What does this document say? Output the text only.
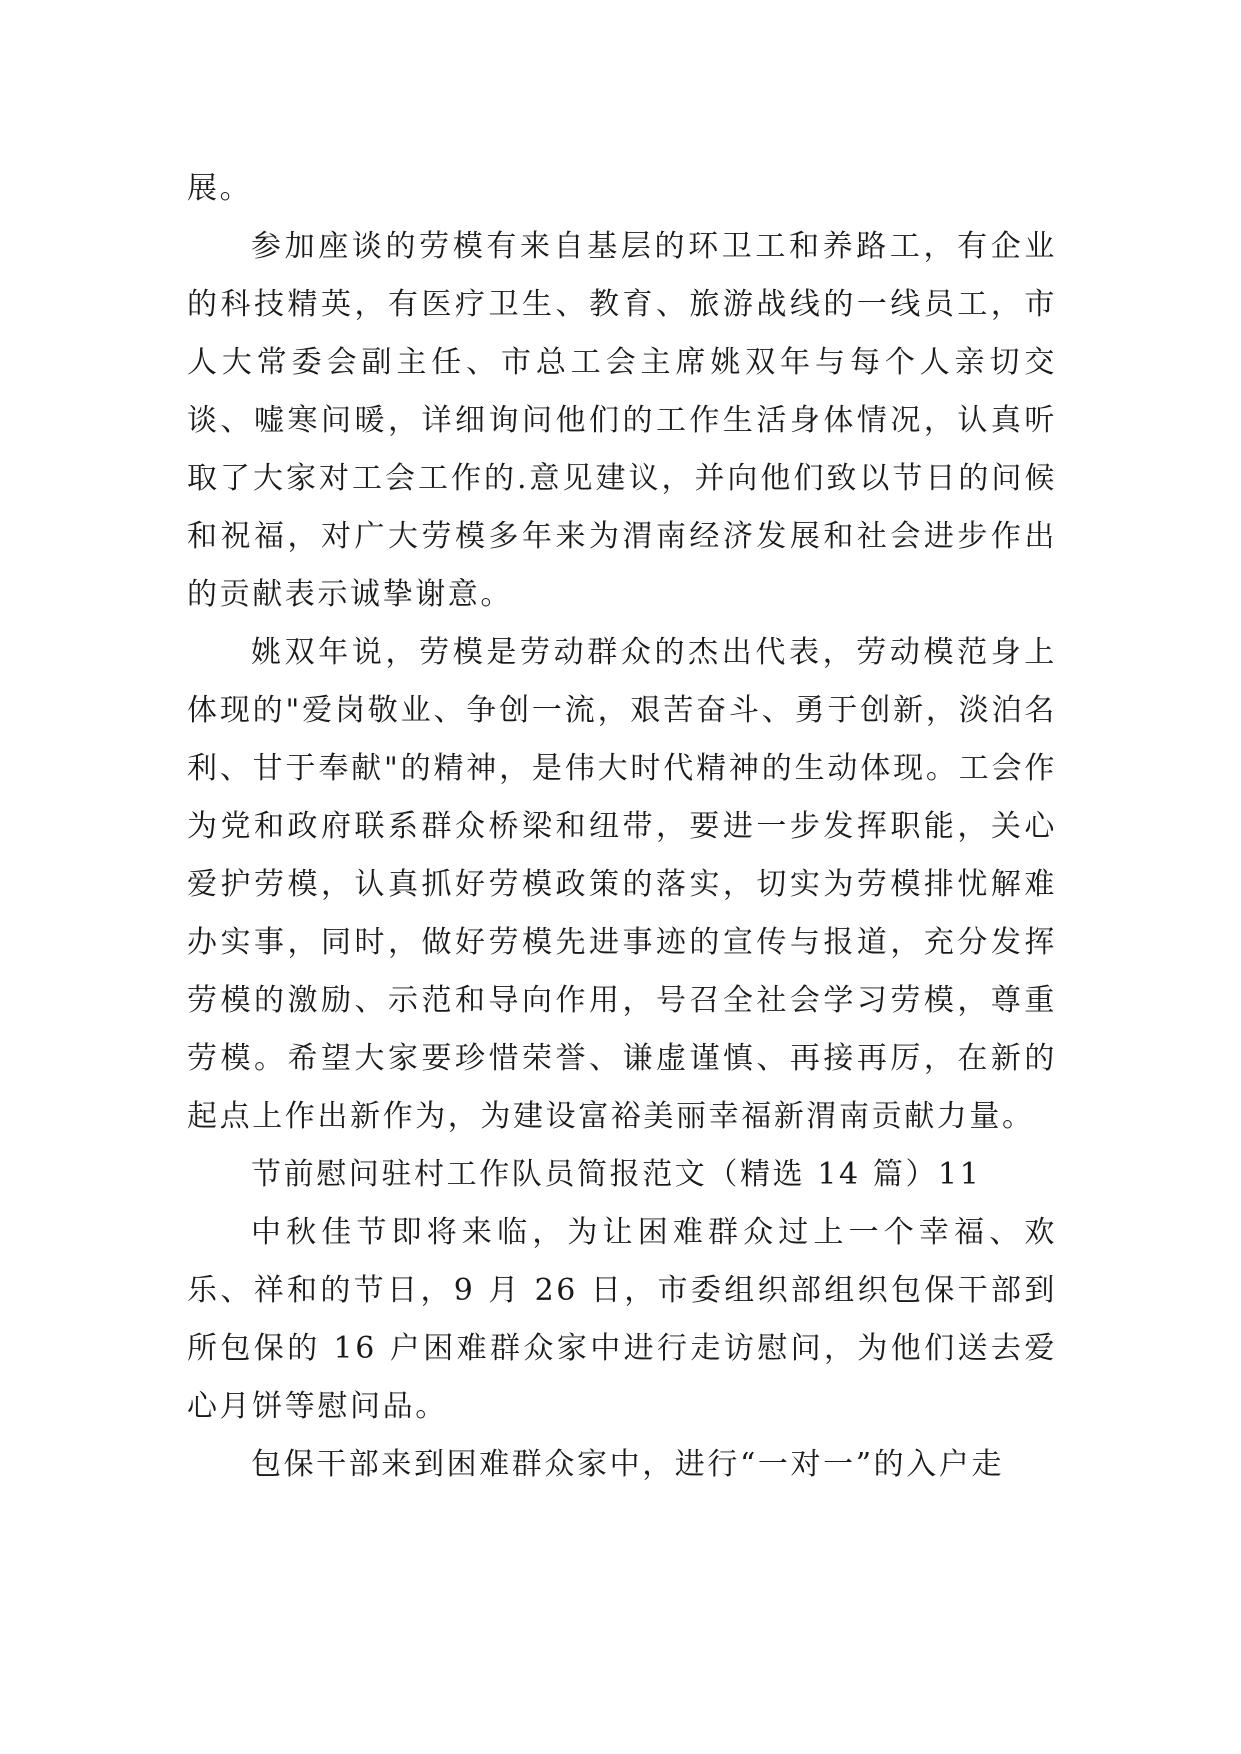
展。

参加座谈的劳模有来自基层的环卫工和养路工，有企业的科技精英，有医疗卫生、教育、旅游战线的一线员工，市人大常委会副主任、市总工会主席姚双年与每个人亲切交谈、嘘寒问暖，详细询问他们的工作生活身体情况，认真听取了大家对工会工作的.意见建议，并向他们致以节日的问候和祝福，对广大劳模多年来为渭南经济发展和社会进步作出的贡献表示诚挚谢意。

姚双年说，劳模是劳动群众的杰出代表，劳动模范身上体现的"爱岗敬业、争创一流，艰苦奋斗、勇于创新，淡泊名利、甘于奉献"的精神，是伟大时代精神的生动体现。工会作为党和政府联系群众桥梁和纽带，要进一步发挥职能，关心爱护劳模，认真抓好劳模政策的落实，切实为劳模排忧解难办实事，同时，做好劳模先进事迹的宣传与报道，充分发挥劳模的激励、示范和导向作用，号召全社会学习劳模，尊重劳模。希望大家要珍惜荣誉、谦虚谨慎、再接再厉，在新的起点上作出新作为，为建设富裕美丽幸福新渭南贡献力量。

节前慰问驻村工作队员简报范文（精选 14 篇）11

中秋佳节即将来临，为让困难群众过上一个幸福、欢乐、祥和的节日，9 月 26 日，市委组织部组织包保干部到所包保的 16 户困难群众家中进行走访慰问，为他们送去爱心月饼等慰问品。

包保干部来到困难群众家中，进行“一对一”的入户走
